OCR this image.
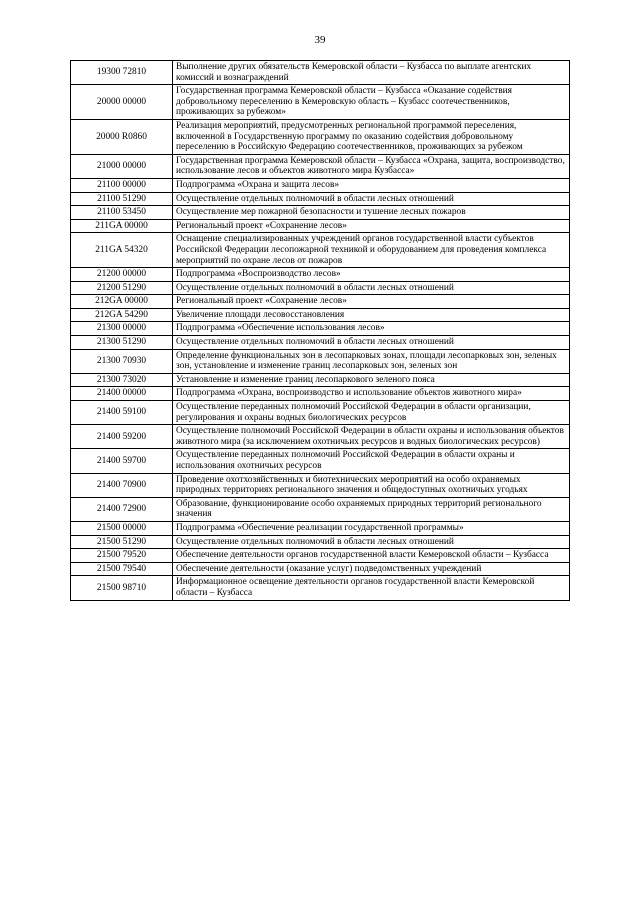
39
19300 72810	Выполнение других обязательств Кемеровской области – Кузбасса по выплате агентских комиссий и вознаграждений
20000 00000	Государственная программа Кемеровской области – Кузбасса «Оказание содействия добровольному переселению в Кемеровскую область – Кузбасс соотечественников, проживающих за рубежом»
20000 R0860	Реализация мероприятий, предусмотренных региональной программой переселения, включенной в Государственную программу по оказанию содействия добровольному переселению в Российскую Федерацию соотечественников, проживающих за рубежом
21000 00000	Государственная программа Кемеровской области – Кузбасса «Охрана, защита, воспроизводство, использование лесов и объектов животного мира Кузбасса»
21100 00000	Подпрограмма «Охрана и защита лесов»
21100 51290	Осуществление отдельных полномочий в области лесных отношений
21100 53450	Осуществление мер пожарной безопасности и тушение лесных пожаров
211GA 00000	Региональный проект «Сохранение лесов»
211GA 54320	Оснащение специализированных учреждений органов государственной власти субъектов Российской Федерации лесопожарной техникой и оборудованием для проведения комплекса мероприятий по охране лесов от пожаров
21200 00000	Подпрограмма «Воспроизводство лесов»
21200 51290	Осуществление отдельных полномочий в области лесных отношений
212GA 00000	Региональный проект «Сохранение лесов»
212GA 54290	Увеличение площади лесовосстановления
21300 00000	Подпрограмма «Обеспечение использования лесов»
21300 51290	Осуществление отдельных полномочий в области лесных отношений
21300 70930	Определение функциональных зон в лесопарковых зонах, площади лесопарковых зон, зеленых зон, установление и изменение границ лесопарковых зон, зеленых зон
21300 73020	Установление и изменение границ лесопаркового зеленого пояса
21400 00000	Подпрограмма «Охрана, воспроизводство и использование объектов животного мира»
21400 59100	Осуществление переданных полномочий Российской Федерации в области организации, регулирования и охраны водных биологических ресурсов
21400 59200	Осуществление полномочий Российской Федерации в области охраны и использования объектов животного мира (за исключением охотничьих ресурсов и водных биологических ресурсов)
21400 59700	Осуществление переданных полномочий Российской Федерации в области охраны и использования охотничьих ресурсов
21400 70900	Проведение охотхозяйственных и биотехнических мероприятий на особо охраняемых природных территориях регионального значения и общедоступных охотничьих угодьях
21400 72900	Образование, функционирование особо охраняемых природных территорий регионального значения
21500 00000	Подпрограмма «Обеспечение реализации государственной программы»
21500 51290	Осуществление отдельных полномочий в области лесных отношений
21500 79520	Обеспечение деятельности органов государственной власти Кемеровской области – Кузбасса
21500 79540	Обеспечение деятельности (оказание услуг) подведомственных учреждений
21500 98710	Информационное освещение деятельности органов государственной власти Кемеровской области – Кузбасса
